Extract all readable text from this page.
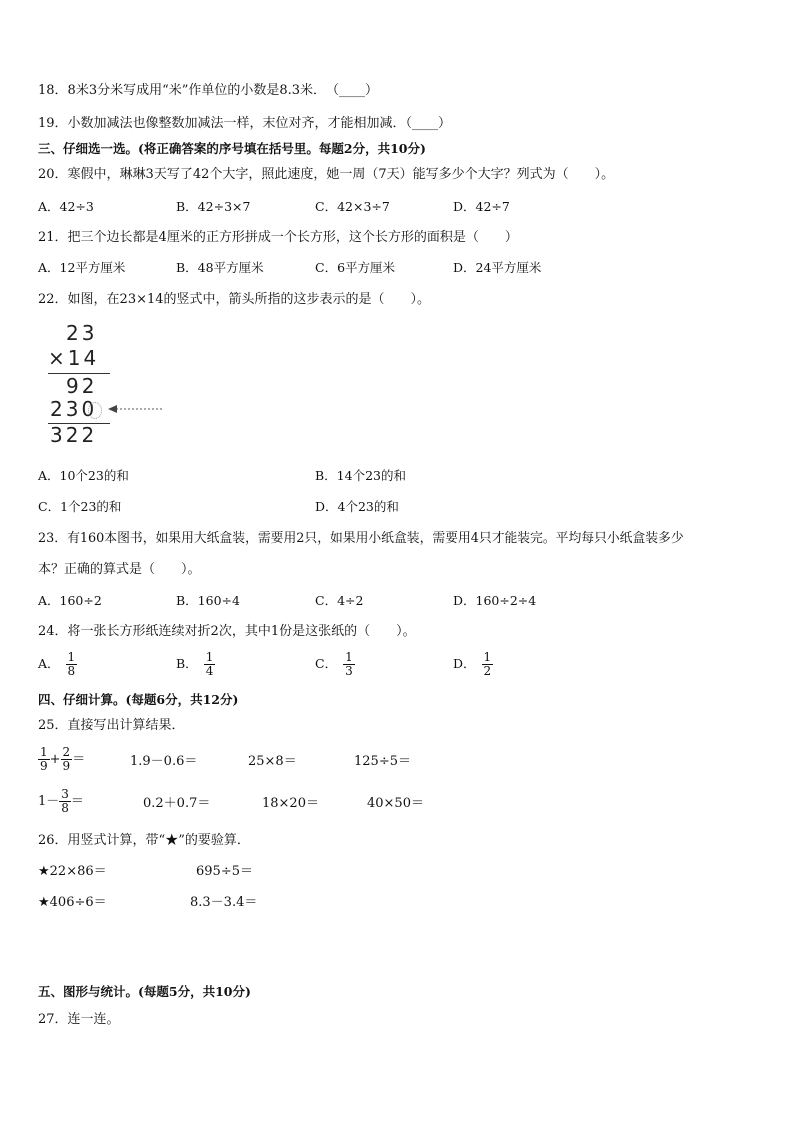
18．8米3分米写成用“米”作单位的小数是8.3米．　（____）
19．小数加减法也像整数加减法一样，末位对齐，才能相加减．（____）
三、仔细选一选。(将正确答案的序号填在括号里。每题2分，共10分)
20．寒假中，琳琳3天写了42个大字，照此速度，她一周（7天）能写多少个大字？列式为（　　）。
A．42÷3	B．42÷3×7	C．42×3÷7	D．42÷7
21．把三个边长都是4厘米的正方形拼成一个长方形，这个长方形的面积是（　　）
A．12平方厘米	B．48平方厘米	C．6平方厘米	D．24平方厘米
22．如图，在23×14的竖式中，箭头所指的这步表示的是（　　）。
23
×14
92
230
322
A．10个23的和	B．14个23的和
C．1个23的和	D．4个23的和
23．有160本图书，如果用大纸盒装，需要用2只，如果用小纸盒装，需要用4只才能装完。平均每只小纸盒装多少
本？正确的算式是（　　）。
A．160÷2	B．160÷4	C．4÷2	D．160÷2÷4
24．将一张长方形纸连续对折2次，其中1份是这张纸的（　　）。
A． $\frac{1}{8}$	B． $\frac{1}{4}$	C． $\frac{1}{3}$	D． $\frac{1}{2}$
四、仔细计算。(每题6分，共12分)
25．直接写出计算结果．
$\frac{1}{9} + \frac{2}{9}$ ＝	1.9－0.6＝	25×8＝	125÷5＝
$1- \frac{3}{8}$ ＝	0.2＋0.7＝	18×20＝	40×50＝
26．用竖式计算，带“★”的要验算．
★22×86＝	695÷5＝
★406÷6＝	8.3－3.4＝
五、图形与统计。(每题5分，共10分)
27．连一连。
